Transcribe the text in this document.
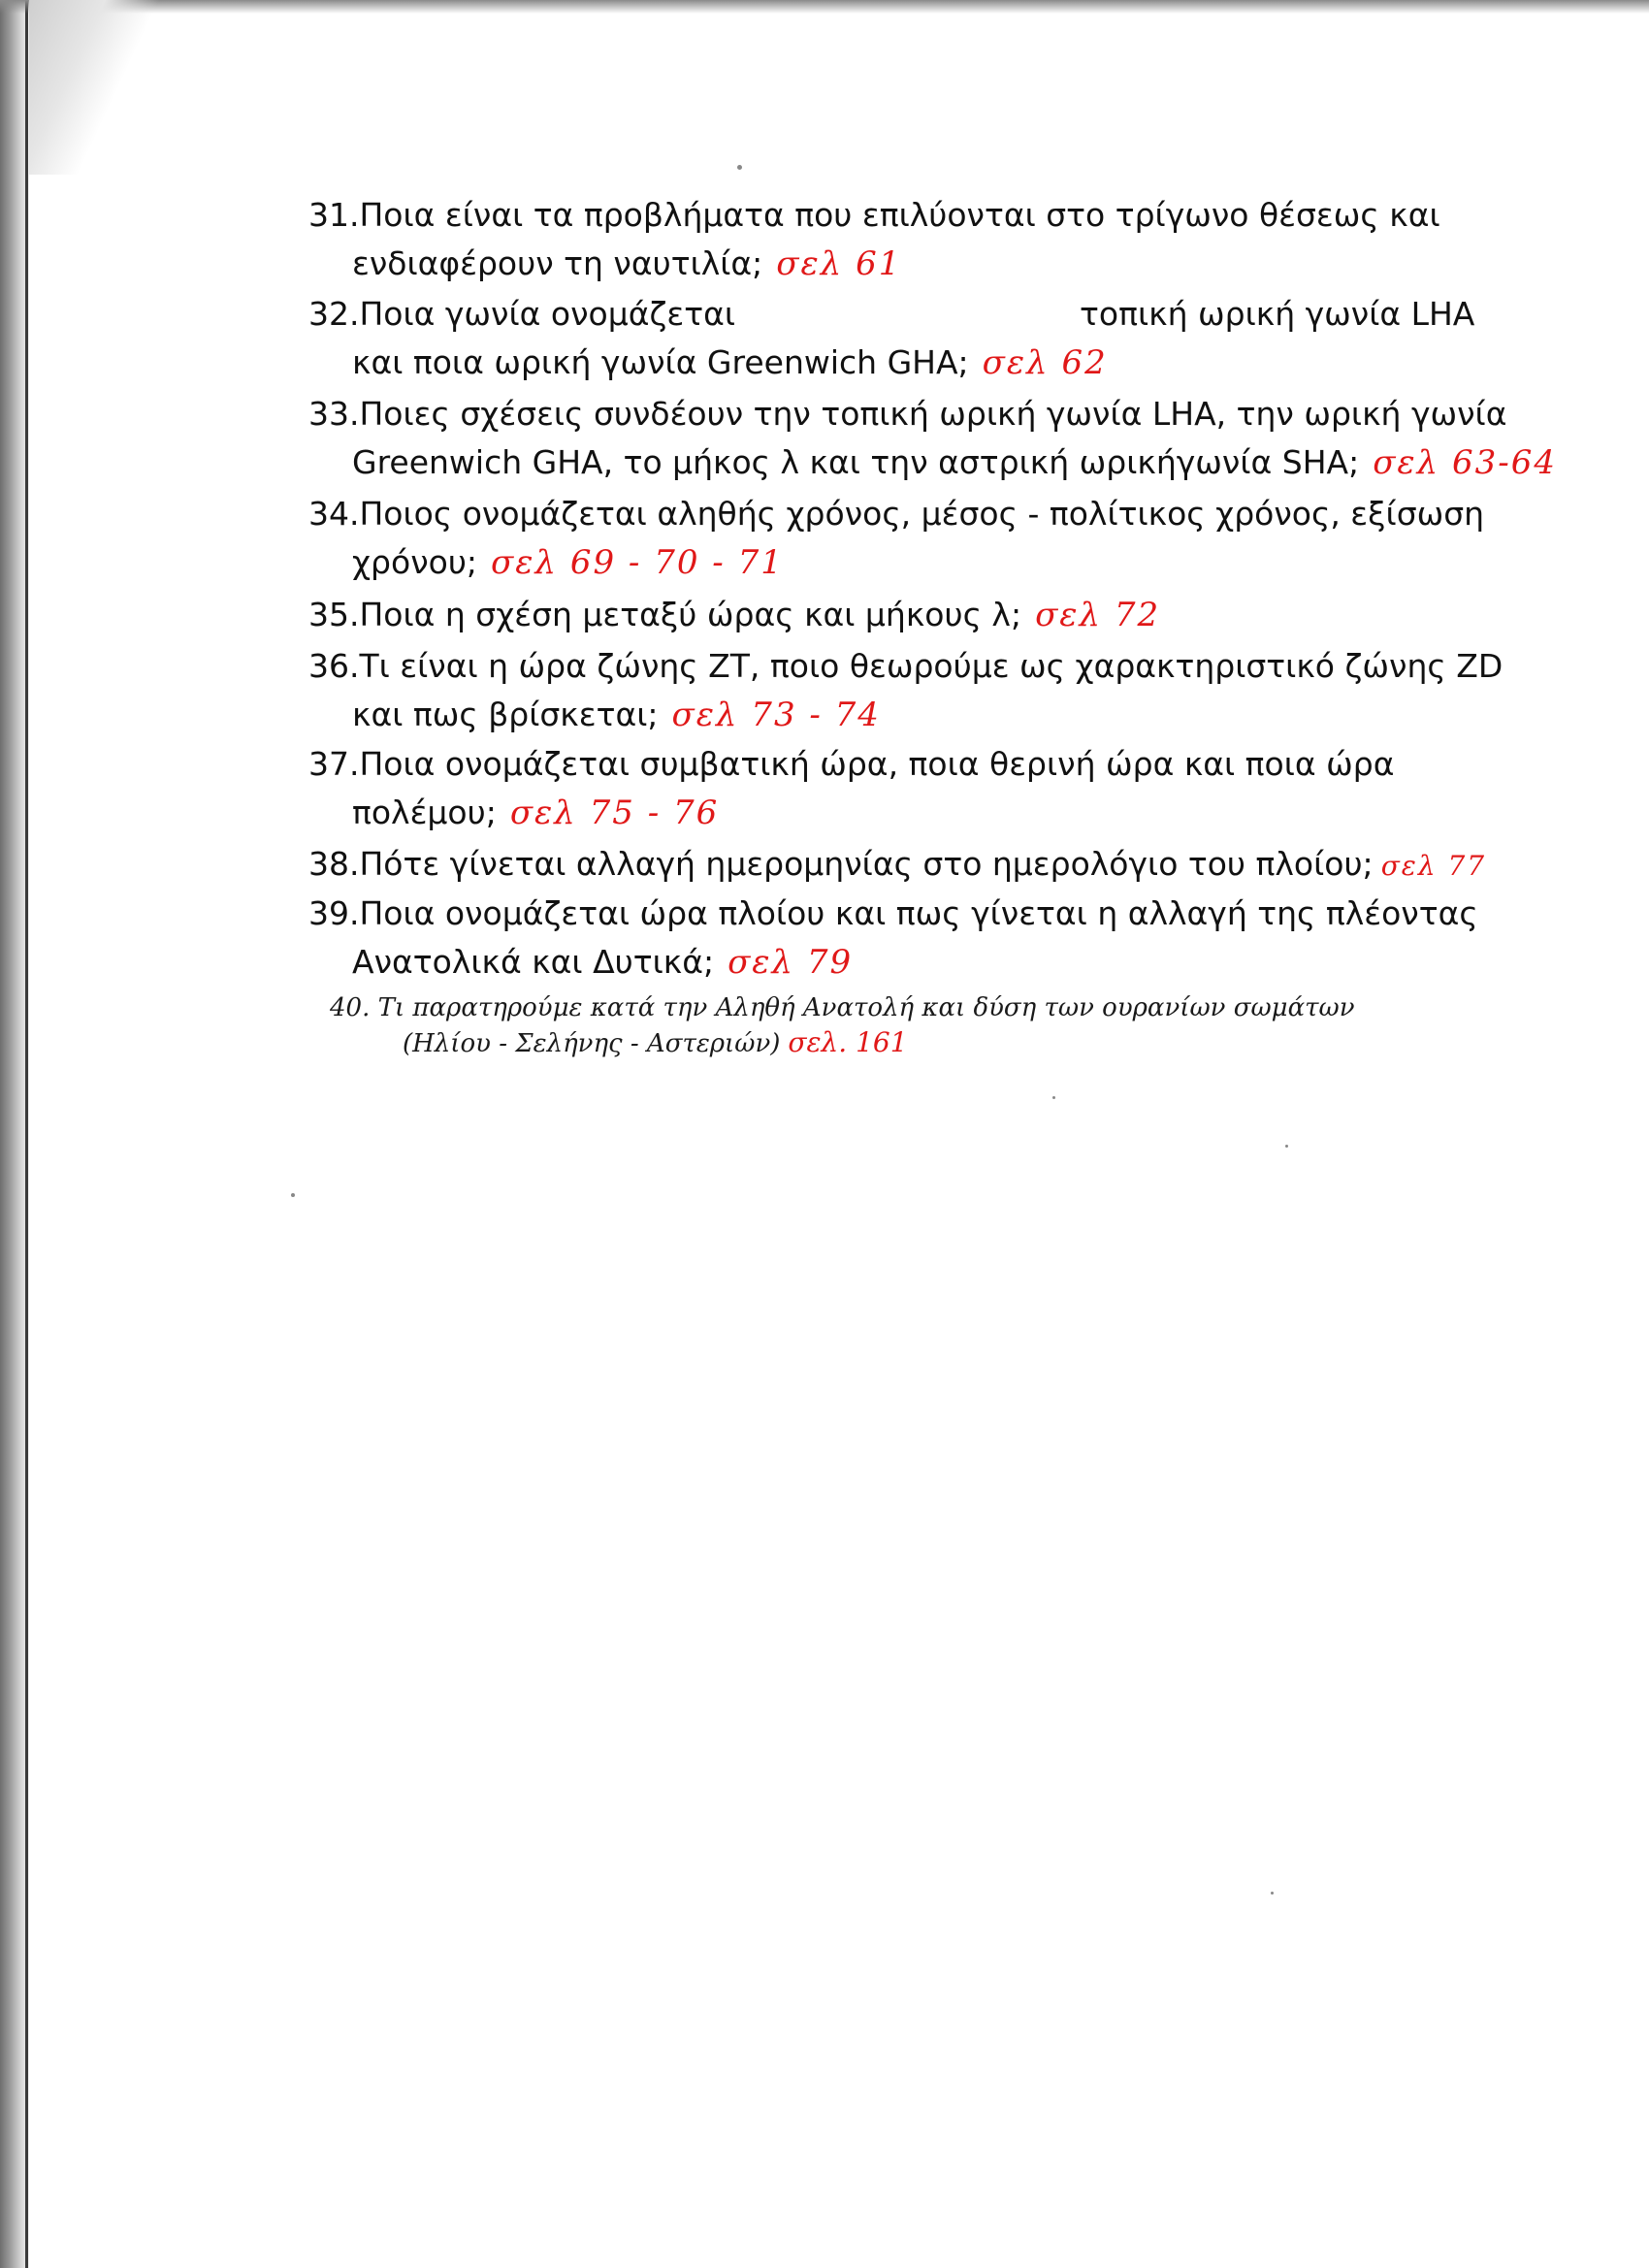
31.Ποια είναι τα προβλήματα που επιλύονται στο τρίγωνο θέσεως και
ενδιαφέρουν τη ναυτιλία; σελ 61
32.Ποια γωνία ονομάζεται	τοπική ωρική γωνία LHA
και ποια ωρική γωνία Greenwich GHA; σελ 62
33.Ποιες σχέσεις συνδέουν την τοπική ωρική γωνία LHA, την ωρική γωνία
Greenwich GHA, το μήκος λ και την αστρική ωρικήγωνία SHA; σελ 63-64
34.Ποιος ονομάζεται αληθής χρόνος, μέσος - πολίτικος χρόνος, εξίσωση
χρόνου; σελ 69 - 70 - 71
35.Ποια η σχέση μεταξύ ώρας και μήκους λ; σελ 72
36.Τι είναι η ώρα ζώνης ZT, ποιο θεωρούμε ως χαρακτηριστικό ζώνης ZD
και πως βρίσκεται; σελ 73 - 74
37.Ποια ονομάζεται συμβατική ώρα, ποια θερινή ώρα και ποια ώρα
πολέμου; σελ 75 - 76
38.Πότε γίνεται αλλαγή ημερομηνίας στο ημερολόγιο του πλοίου; σελ 77
39.Ποια ονομάζεται ώρα πλοίου και πως γίνεται η αλλαγή της πλέοντας
Ανατολικά και Δυτικά; σελ 79
40. Τι παρατηρούμε κατά την Αληθή Ανατολή και δύση των ουρανίων σωμάτων
(Ηλίου - Σελήνης - Αστεριών) σελ. 161
